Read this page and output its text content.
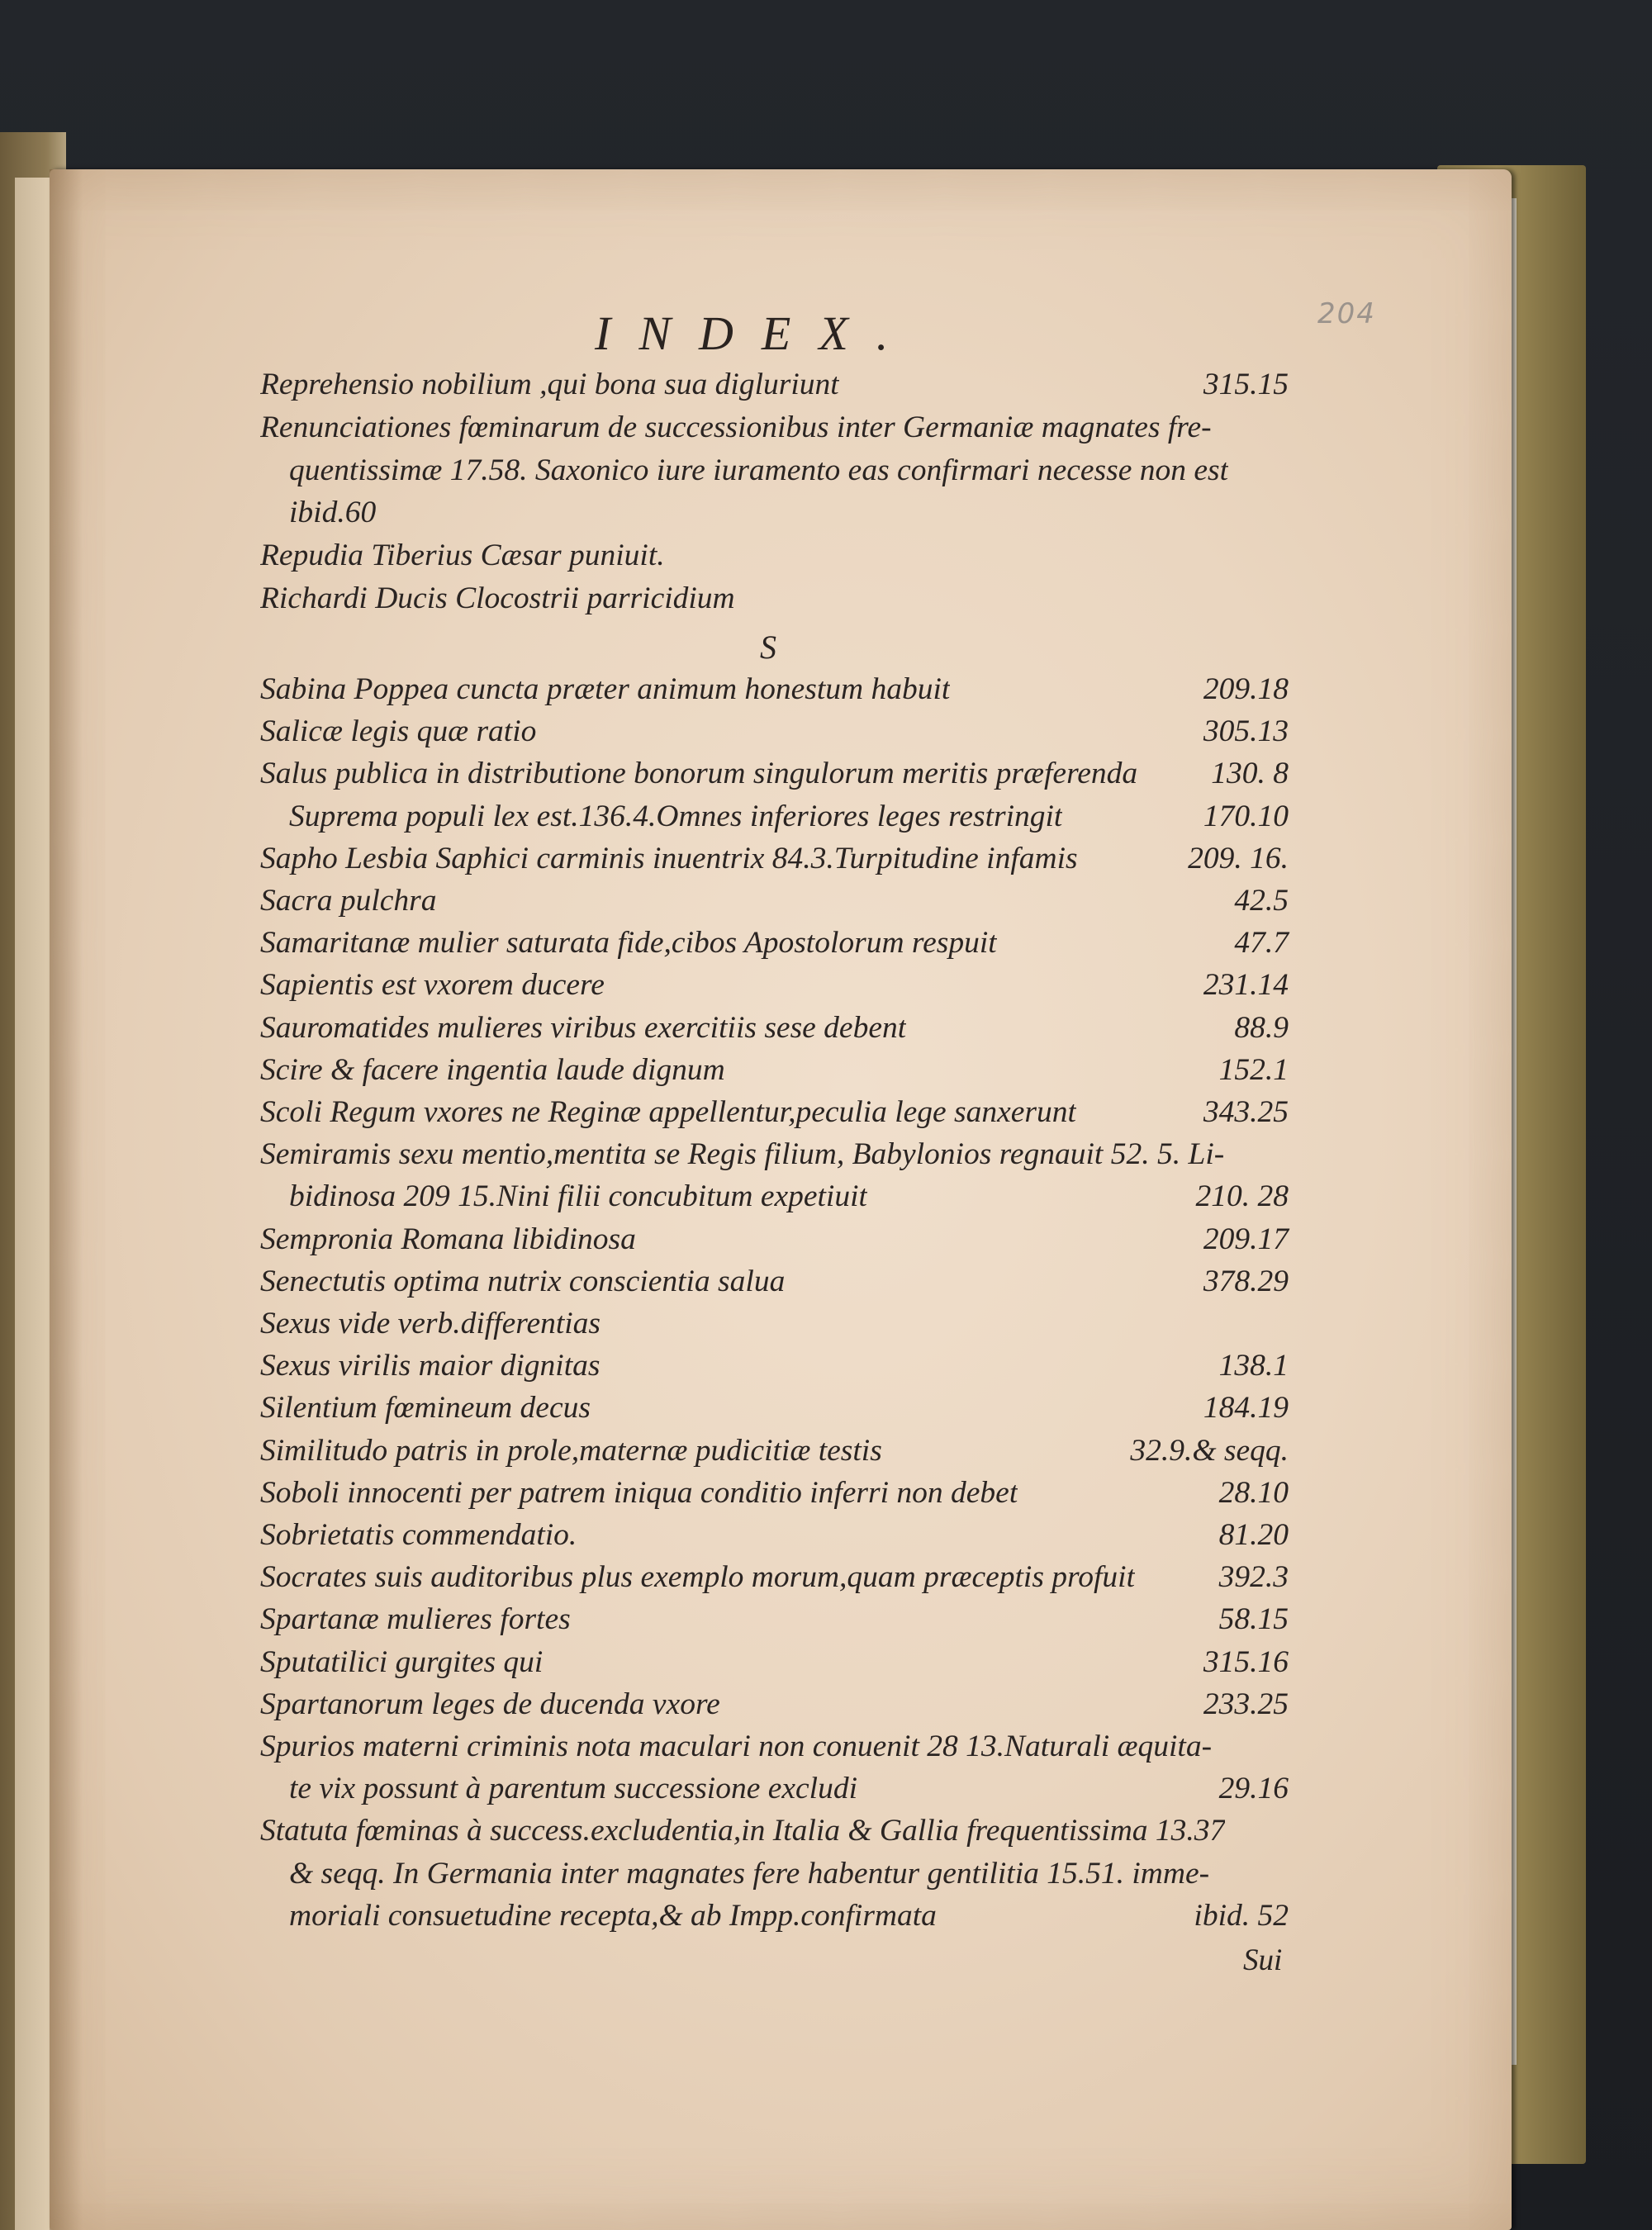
INDEX.	204
Reprehensio nobilium ,qui bona sua digluriunt	315.15
Renunciationes fœminarum de successionibus inter Germaniæ magnates fre-
quentissimæ 17.58. Saxonico iure iuramento eas confirmari necesse non est
ibid.60
Repudia Tiberius Cæsar puniuit.
Richardi Ducis Clocostrii parricidium
S
Sabina Poppea cuncta præter animum honestum habuit	209.18
Salicæ legis quæ ratio	305.13
Salus publica in distributione bonorum singulorum meritis præferenda	130. 8
Suprema populi lex est.136.4.Omnes inferiores leges restringit	170.10
Sapho Lesbia Saphici carminis inuentrix 84.3.Turpitudine infamis	209. 16.
Sacra pulchra	42.5
Samaritanæ mulier saturata fide,cibos Apostolorum respuit	47.7
Sapientis est vxorem ducere	231.14
Sauromatides mulieres viribus exercitiis sese debent	88.9
Scire & facere ingentia laude dignum	152.1
Scoli Regum vxores ne Reginæ appellentur,peculia lege sanxerunt	343.25
Semiramis sexu mentio,mentita se Regis filium, Babylonios regnauit 52. 5. Li-
bidinosa 209 15.Nini filii concubitum expetiuit	210. 28
Sempronia Romana libidinosa	209.17
Senectutis optima nutrix conscientia salua	378.29
Sexus vide verb.differentias
Sexus virilis maior dignitas	138.1
Silentium fœmineum decus	184.19
Similitudo patris in prole,maternæ pudicitiæ testis	32.9.& seqq.
Soboli innocenti per patrem iniqua conditio inferri non debet	28.10
Sobrietatis commendatio.	81.20
Socrates suis auditoribus plus exemplo morum,quam præceptis profuit	392.3
Spartanæ mulieres fortes	58.15
Sputatilici gurgites qui	315.16
Spartanorum leges de ducenda vxore	233.25
Spurios materni criminis nota maculari non conuenit 28 13.Naturali æquita-
te vix possunt à parentum successione excludi	29.16
Statuta fœminas à success.excludentia,in Italia & Gallia frequentissima 13.37
& seqq. In Germania inter magnates fere habentur gentilitia 15.51. imme-
moriali consuetudine recepta,& ab Impp.confirmata	ibid. 52
Sui
